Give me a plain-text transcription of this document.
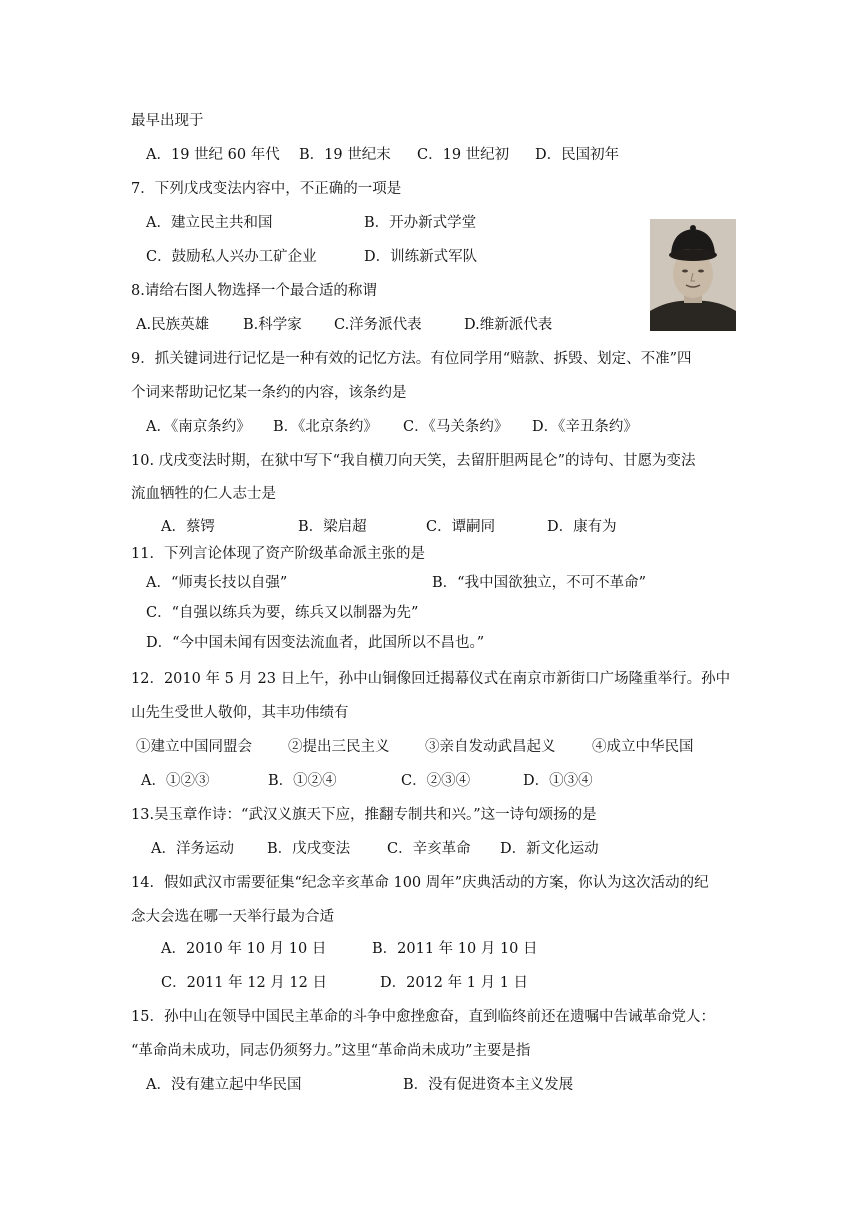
最早出现于
A．19 世纪 60 年代 B．19 世纪末 C．19 世纪初 D．民国初年
7．下列戊戌变法内容中，不正确的一项是
A．建立民主共和国	B．开办新式学堂
C．鼓励私人兴办工矿企业	D．训练新式军队
8.请给右图人物选择一个最合适的称谓
A.民族英雄 B.科学家 C.洋务派代表	D.维新派代表
9．抓关键词进行记忆是一种有效的记忆方法。有位同学用“赔款、拆毁、划定、不准”四
个词来帮助记忆某一条约的内容，该条约是
A．《南京条约》 B．《北京条约》 C．《马关条约》 D．《辛丑条约》
10. 戊戌变法时期，在狱中写下“我自横刀向天笑，去留肝胆两昆仑”的诗句、甘愿为变法
流血牺牲的仁人志士是
A．蔡锷	B．梁启超	C．谭嗣同	D．康有为
11．下列言论体现了资产阶级革命派主张的是
A．“师夷长技以自强”	B．“我中国欲独立，不可不革命”
C．“自强以练兵为要，练兵又以制器为先”
D．“今中国未闻有因变法流血者，此国所以不昌也。”
12．2010 年 5 月 23 日上午，孙中山铜像回迁揭幕仪式在南京市新街口广场隆重举行。孙中
山先生受世人敬仰，其丰功伟绩有
①建立中国同盟会 ②提出三民主义 ③亲自发动武昌起义	④成立中华民国
A．①②③	B．①②④	C．②③④	D．①③④
13.吴玉章作诗：“武汉义旗天下应，推翻专制共和兴。”这一诗句颂扬的是
A．洋务运动 B．戊戌变法	C．辛亥革命 D．新文化运动
14．假如武汉市需要征集“纪念辛亥革命 100 周年”庆典活动的方案，你认为这次活动的纪
念大会选在哪一天举行最为合适
A．2010 年 10 月 10 日	B．2011 年 10 月 10 日
C．2011 年 12 月 12 日	D．2012 年 1 月 1 日
15．孙中山在领导中国民主革命的斗争中愈挫愈奋，直到临终前还在遗嘱中告诫革命党人：
“革命尚未成功，同志仍须努力。”这里“革命尚未成功”主要是指
A．没有建立起中华民国	B．没有促进资本主义发展
